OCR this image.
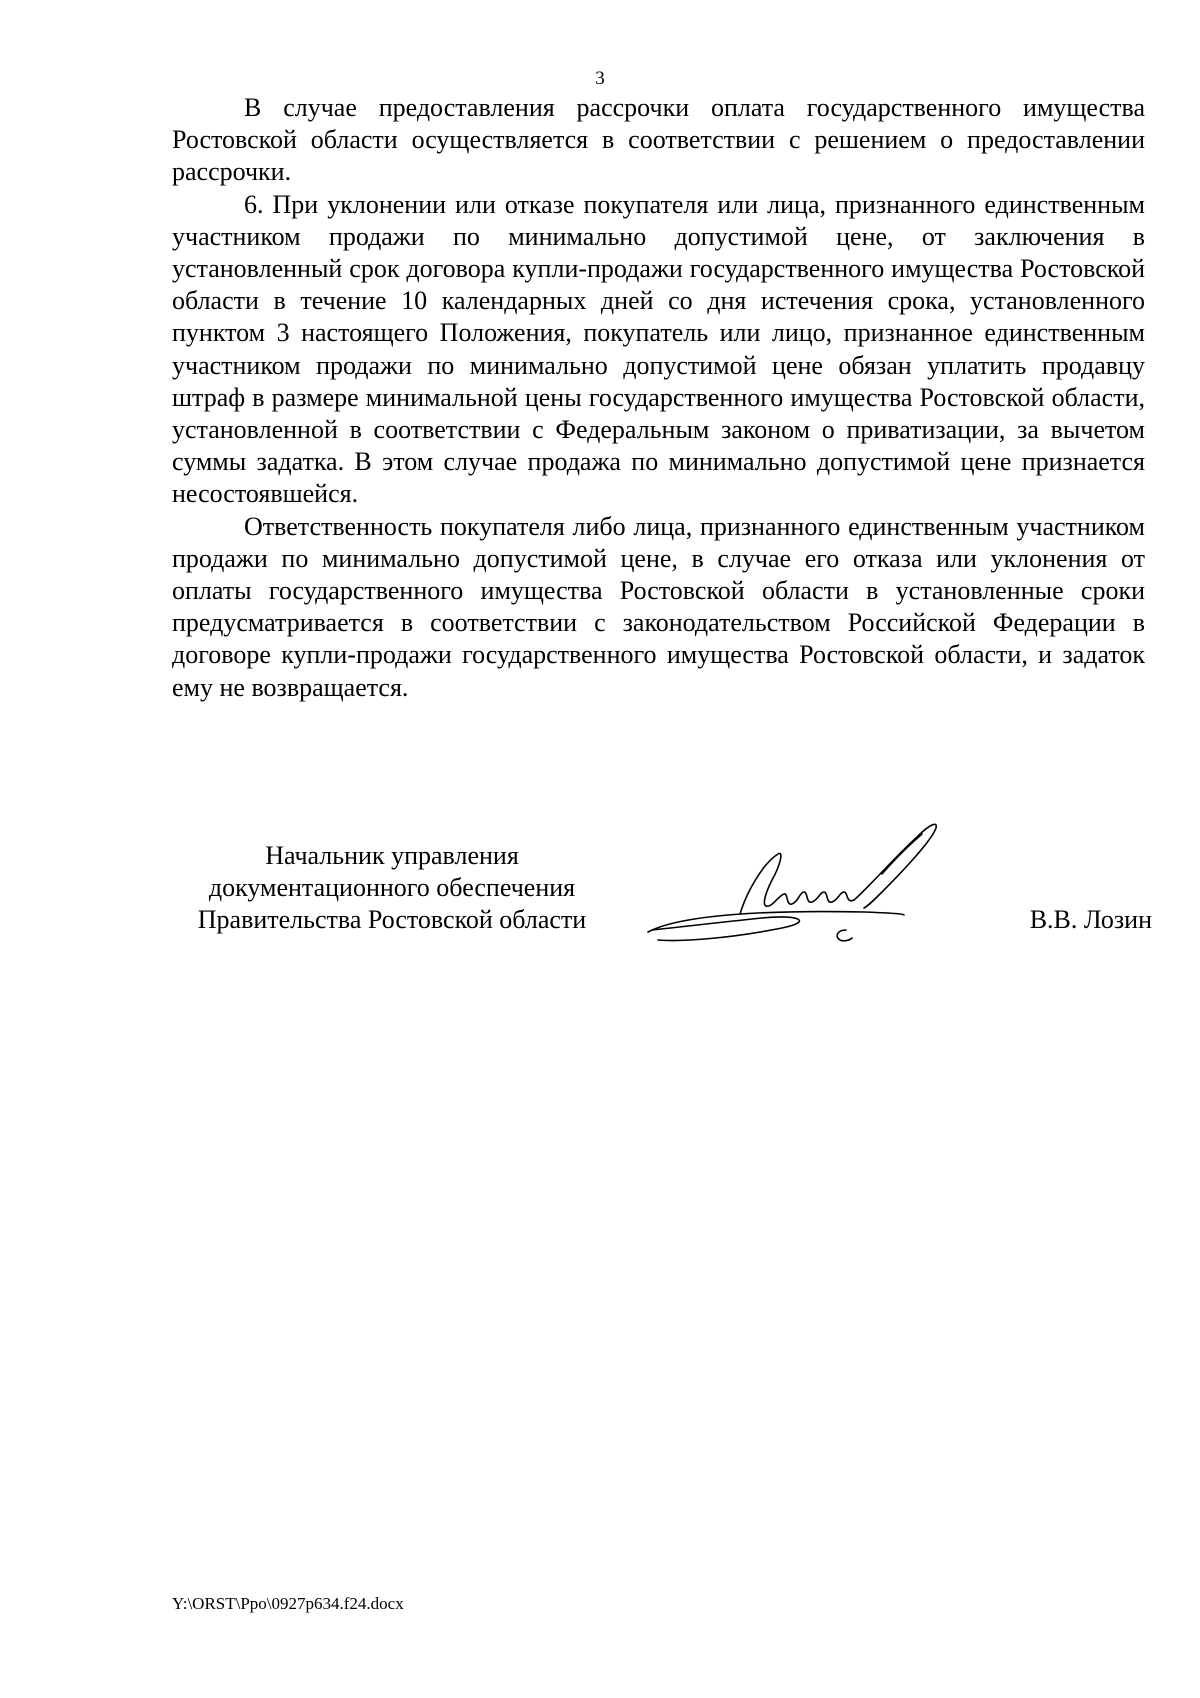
3

В случае предоставления рассрочки оплата государственного имущества Ростовской области осуществляется в соответствии с решением о предоставлении рассрочки.

6. При уклонении или отказе покупателя или лица, признанного единственным участником продажи по минимально допустимой цене, от заключения в установленный срок договора купли-продажи государственного имущества Ростовской области в течение 10 календарных дней со дня истечения срока, установленного пунктом 3 настоящего Положения, покупатель или лицо, признанное единственным участником продажи по минимально допустимой цене обязан уплатить продавцу штраф в размере минимальной цены государственного имущества Ростовской области, установленной в соответствии с Федеральным законом о приватизации, за вычетом суммы задатка. В этом случае продажа по минимально допустимой цене признается несостоявшейся.

Ответственность покупателя либо лица, признанного единственным участником продажи по минимально допустимой цене, в случае его отказа или уклонения от оплаты государственного имущества Ростовской области в установленные сроки предусматривается в соответствии с законодательством Российской Федерации в договоре купли-продажи государственного имущества Ростовской области, и задаток ему не возвращается.

Начальник управления
документационного обеспечения
Правительства Ростовской области	В.В. Лозин
Y:\ORST\Ppo\0927p634.f24.docx
